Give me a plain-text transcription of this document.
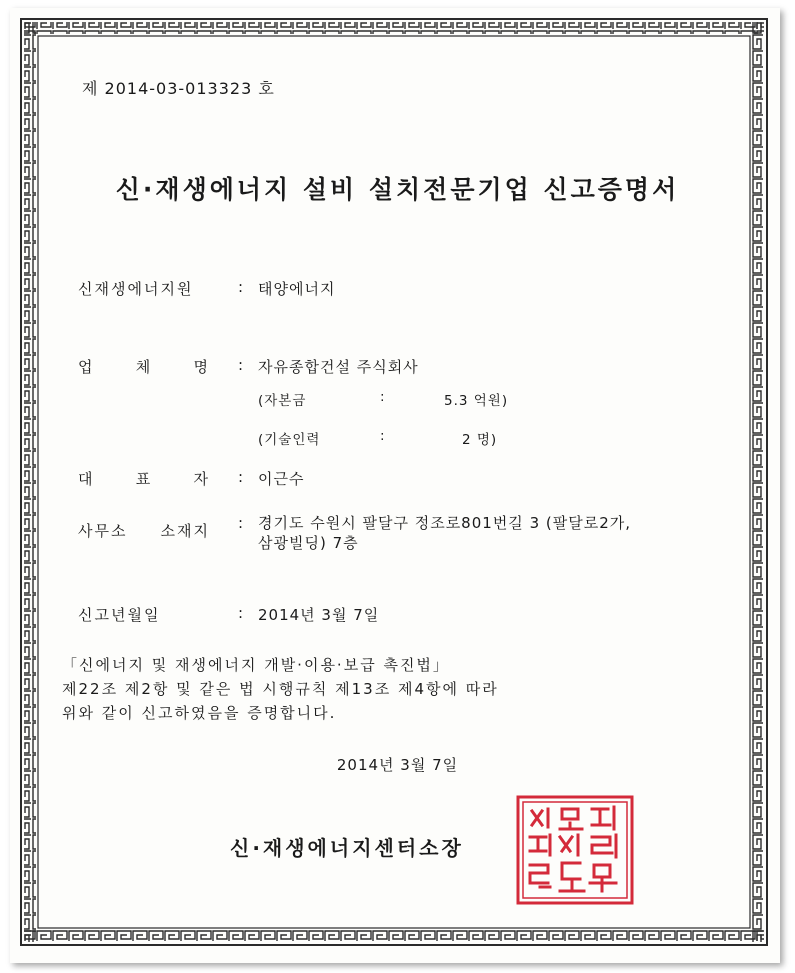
제 2014-03-013323 호
신·재생에너지 설비 설치전문기업 신고증명서
신재생에너지원	: 태양에너지
업 체 명 : 자유종합건설 주식회사
(자본금	:	5.3 억원)
(기술인력	:	2 명)
대 표 자 : 이근수
사무소 소재지 : 경기도 수원시 팔달구 정조로801번길 3 (팔달로2가,
삼광빌딩) 7층
신고년월일	: 2014년 3월 7일
「신에너지 및 재생에너지 개발·이용·보급 촉진법」
제22조 제2항 및 같은 법 시행규칙 제13조 제4항에 따라
위와 같이 신고하였음을 증명합니다.
2014년 3월 7일
신·재생에너지센터소장
